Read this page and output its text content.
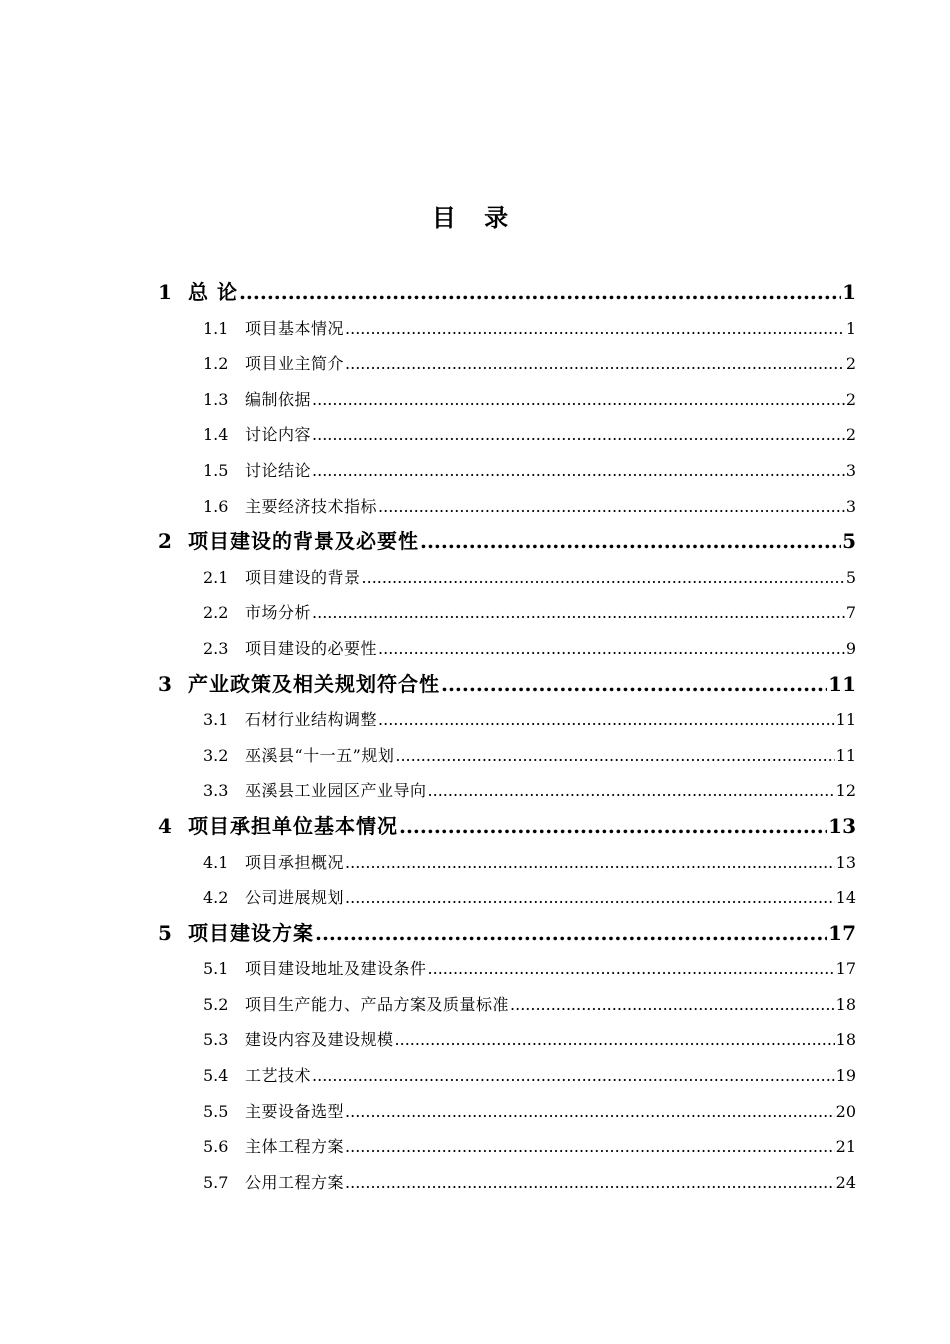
目 录
1 总 论 .....	1
1.1	项目基本情况 .....	1
1.2	项目业主简介 .....	2
1.3	编制依据 .....	2
1.4	讨论内容 .....	2
1.5	讨论结论 .....	3
1.6	主要经济技术指标 .....	3
2 项目建设的背景及必要性 .....	5
2.1	项目建设的背景 .....	5
2.2	市场分析 .....	7
2.3	项目建设的必要性 .....	9
3 产业政策及相关规划符合性 .....	11
3.1	石材行业结构调整 .....	11
3.2	巫溪县“十一五”规划 .....	11
3.3	巫溪县工业园区产业导向 .....	12
4 项目承担单位基本情况 .....	13
4.1	项目承担概况 .....	13
4.2	公司进展规划 .....	14
5 项目建设方案 .....	17
5.1	项目建设地址及建设条件 .....	17
5.2	项目生产能力、产品方案及质量标准 .....	18
5.3	建设内容及建设规模 .....	18
5.4	工艺技术 .....	19
5.5	主要设备选型 .....	20
5.6	主体工程方案 .....	21
5.7	公用工程方案 .....	24
